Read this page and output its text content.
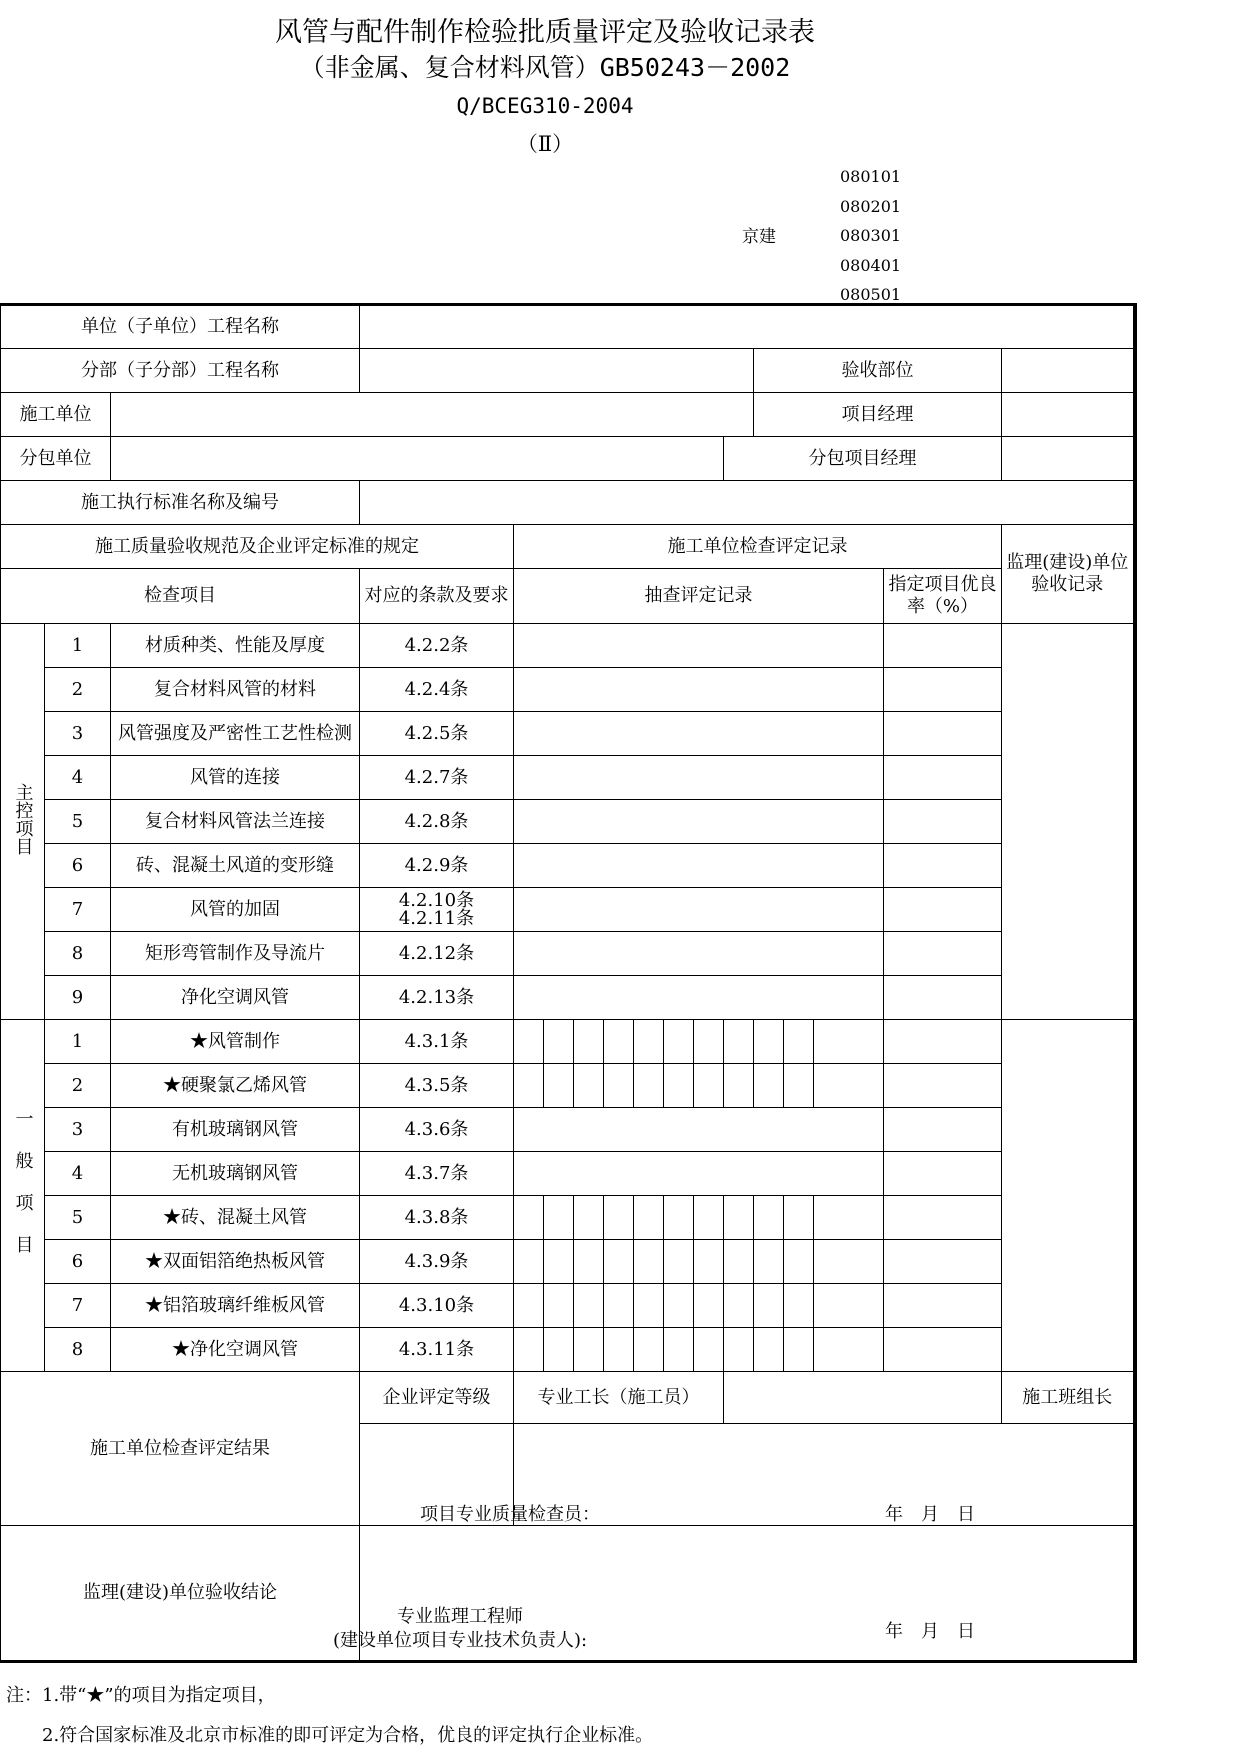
风管与配件制作检验批质量评定及验收记录表
（非金属、复合材料风管）GB50243－2002
Q/BCEG310-2004
（Ⅱ）
京建
080101
080201
080301
080401
080501
单位（子单位）工程名称																
分部（子分部）工程名称												验收部位				
施工单位												项目经理				
分包单位											分包项目经理					
施工执行标准名称及编号																
施工质量验收规范及企业评定标准的规定				施工单位检查评定记录												监理(建设)单位验收记录
检查项目			对应的条款及要求	抽查评定记录											指定项目优良率（%）	
主控项目	1	材质种类、性能及厚度	4.2.2条													
	2	复合材料风管的材料	4.2.4条													
	3	风管强度及严密性工艺性检测	4.2.5条													
	4	风管的连接	4.2.7条													
	5	复合材料风管法兰连接	4.2.8条													
	6	砖、混凝土风道的变形缝	4.2.9条													
	7	风管的加固	4.2.10条
4.2.11条													

	8	矩形弯管制作及导流片	4.2.12条													
	9	净化空调风管	4.2.13条													
一般项目	1	★风管制作	4.3.1条													
	2	★硬聚氯乙烯风管	4.3.5条													
	3	有机玻璃钢风管	4.3.6条													
	4	无机玻璃钢风管	4.3.7条													
	5	★砖、混凝土风管	4.3.8条													
	6	★双面铝箔绝热板风管	4.3.9条													
	7	★铝箔玻璃纤维板风管	4.3.10条													
	8	★净化空调风管	4.3.11条													
施工单位检查评定结果			企业评定等级	专业工长（施工员）												施工班组长

监理(建设)单位验收结论																
项目专业质量检查员：	年　月　日
专业监理工程师
(建设单位项目专业技术负责人):	年　月　日
注：1.带“★”的项目为指定项目，
　　2.符合国家标准及北京市标准的即可评定为合格，优良的评定执行企业标准。
